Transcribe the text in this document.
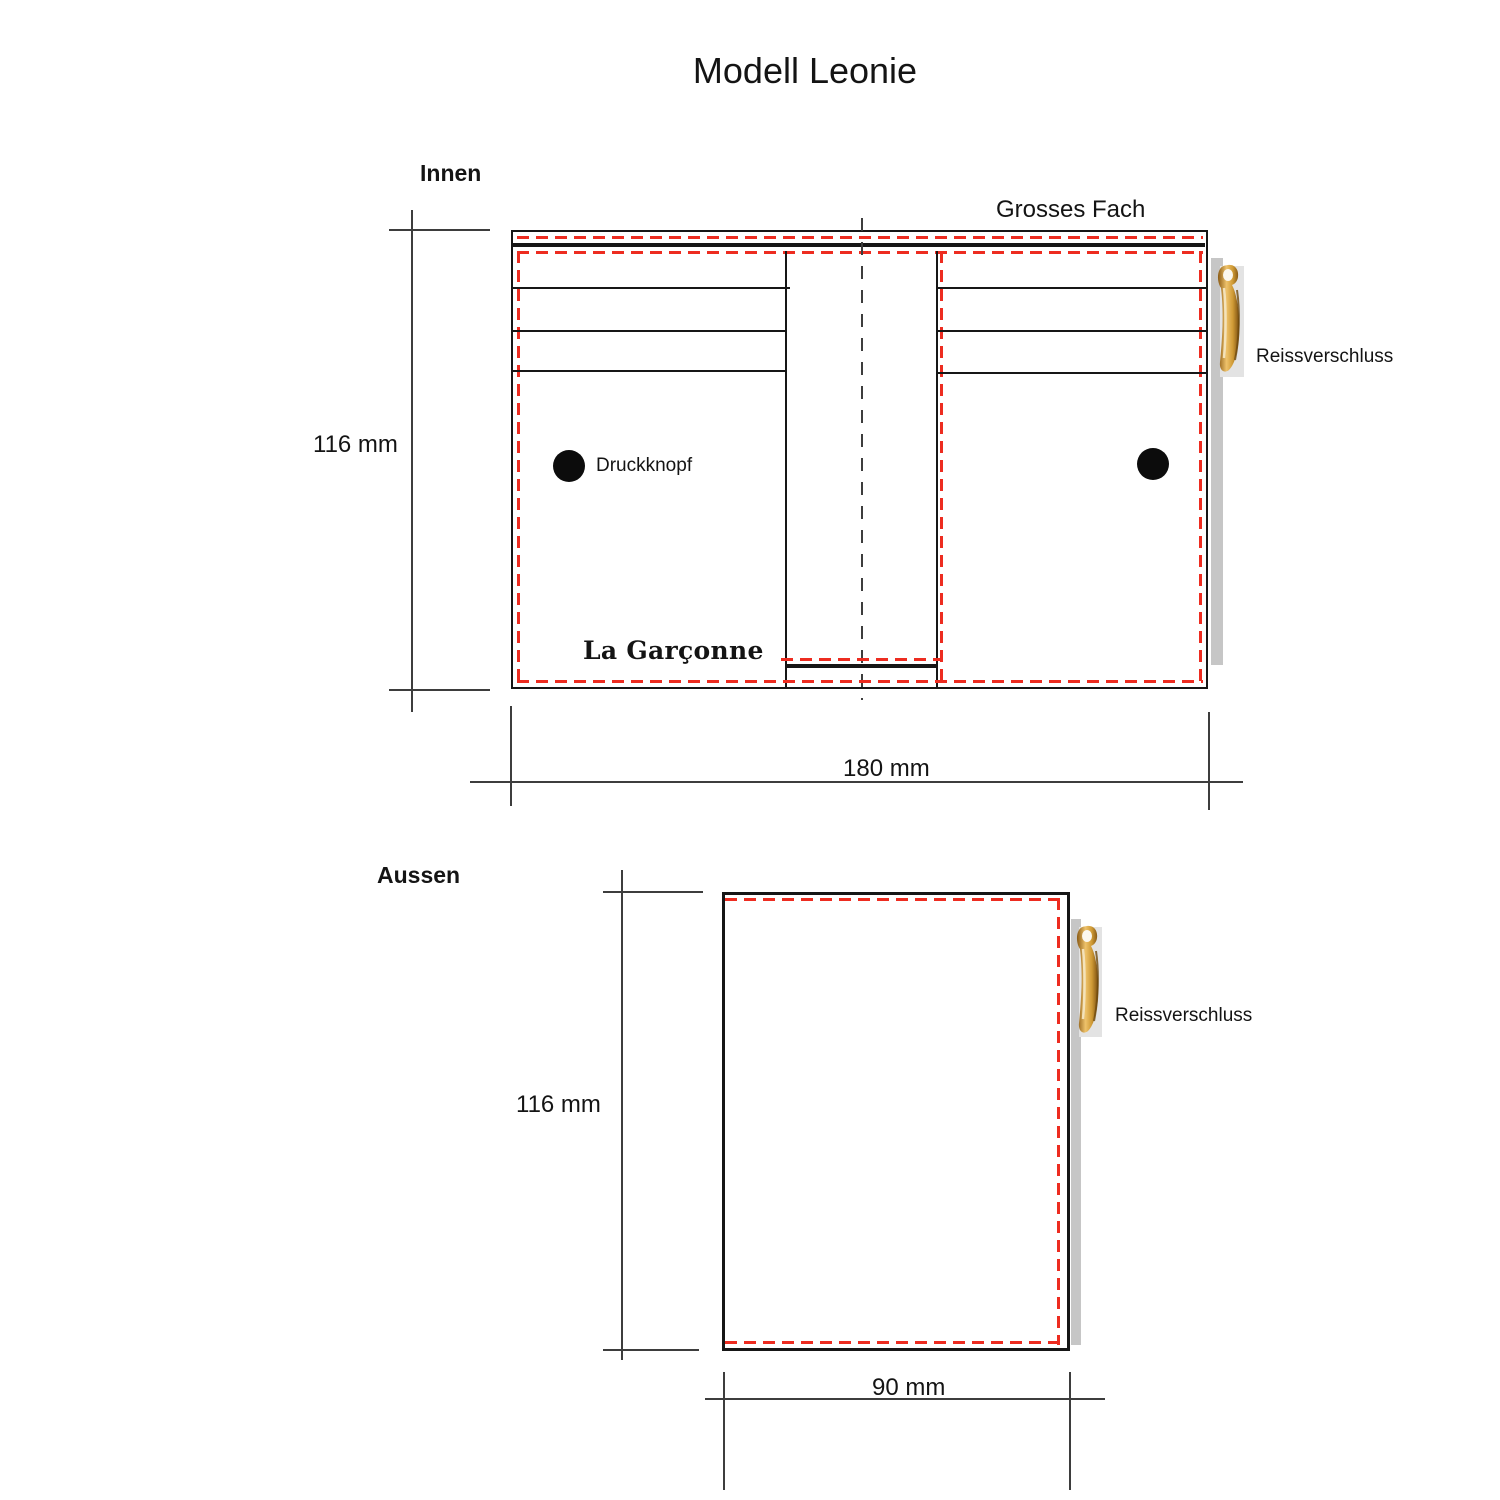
Modell Leonie
Innen
Grosses Fach
116 mm
Druckknopf
La Garçonne
Reissverschluss
180 mm
Aussen
116 mm
Reissverschluss
90 mm
